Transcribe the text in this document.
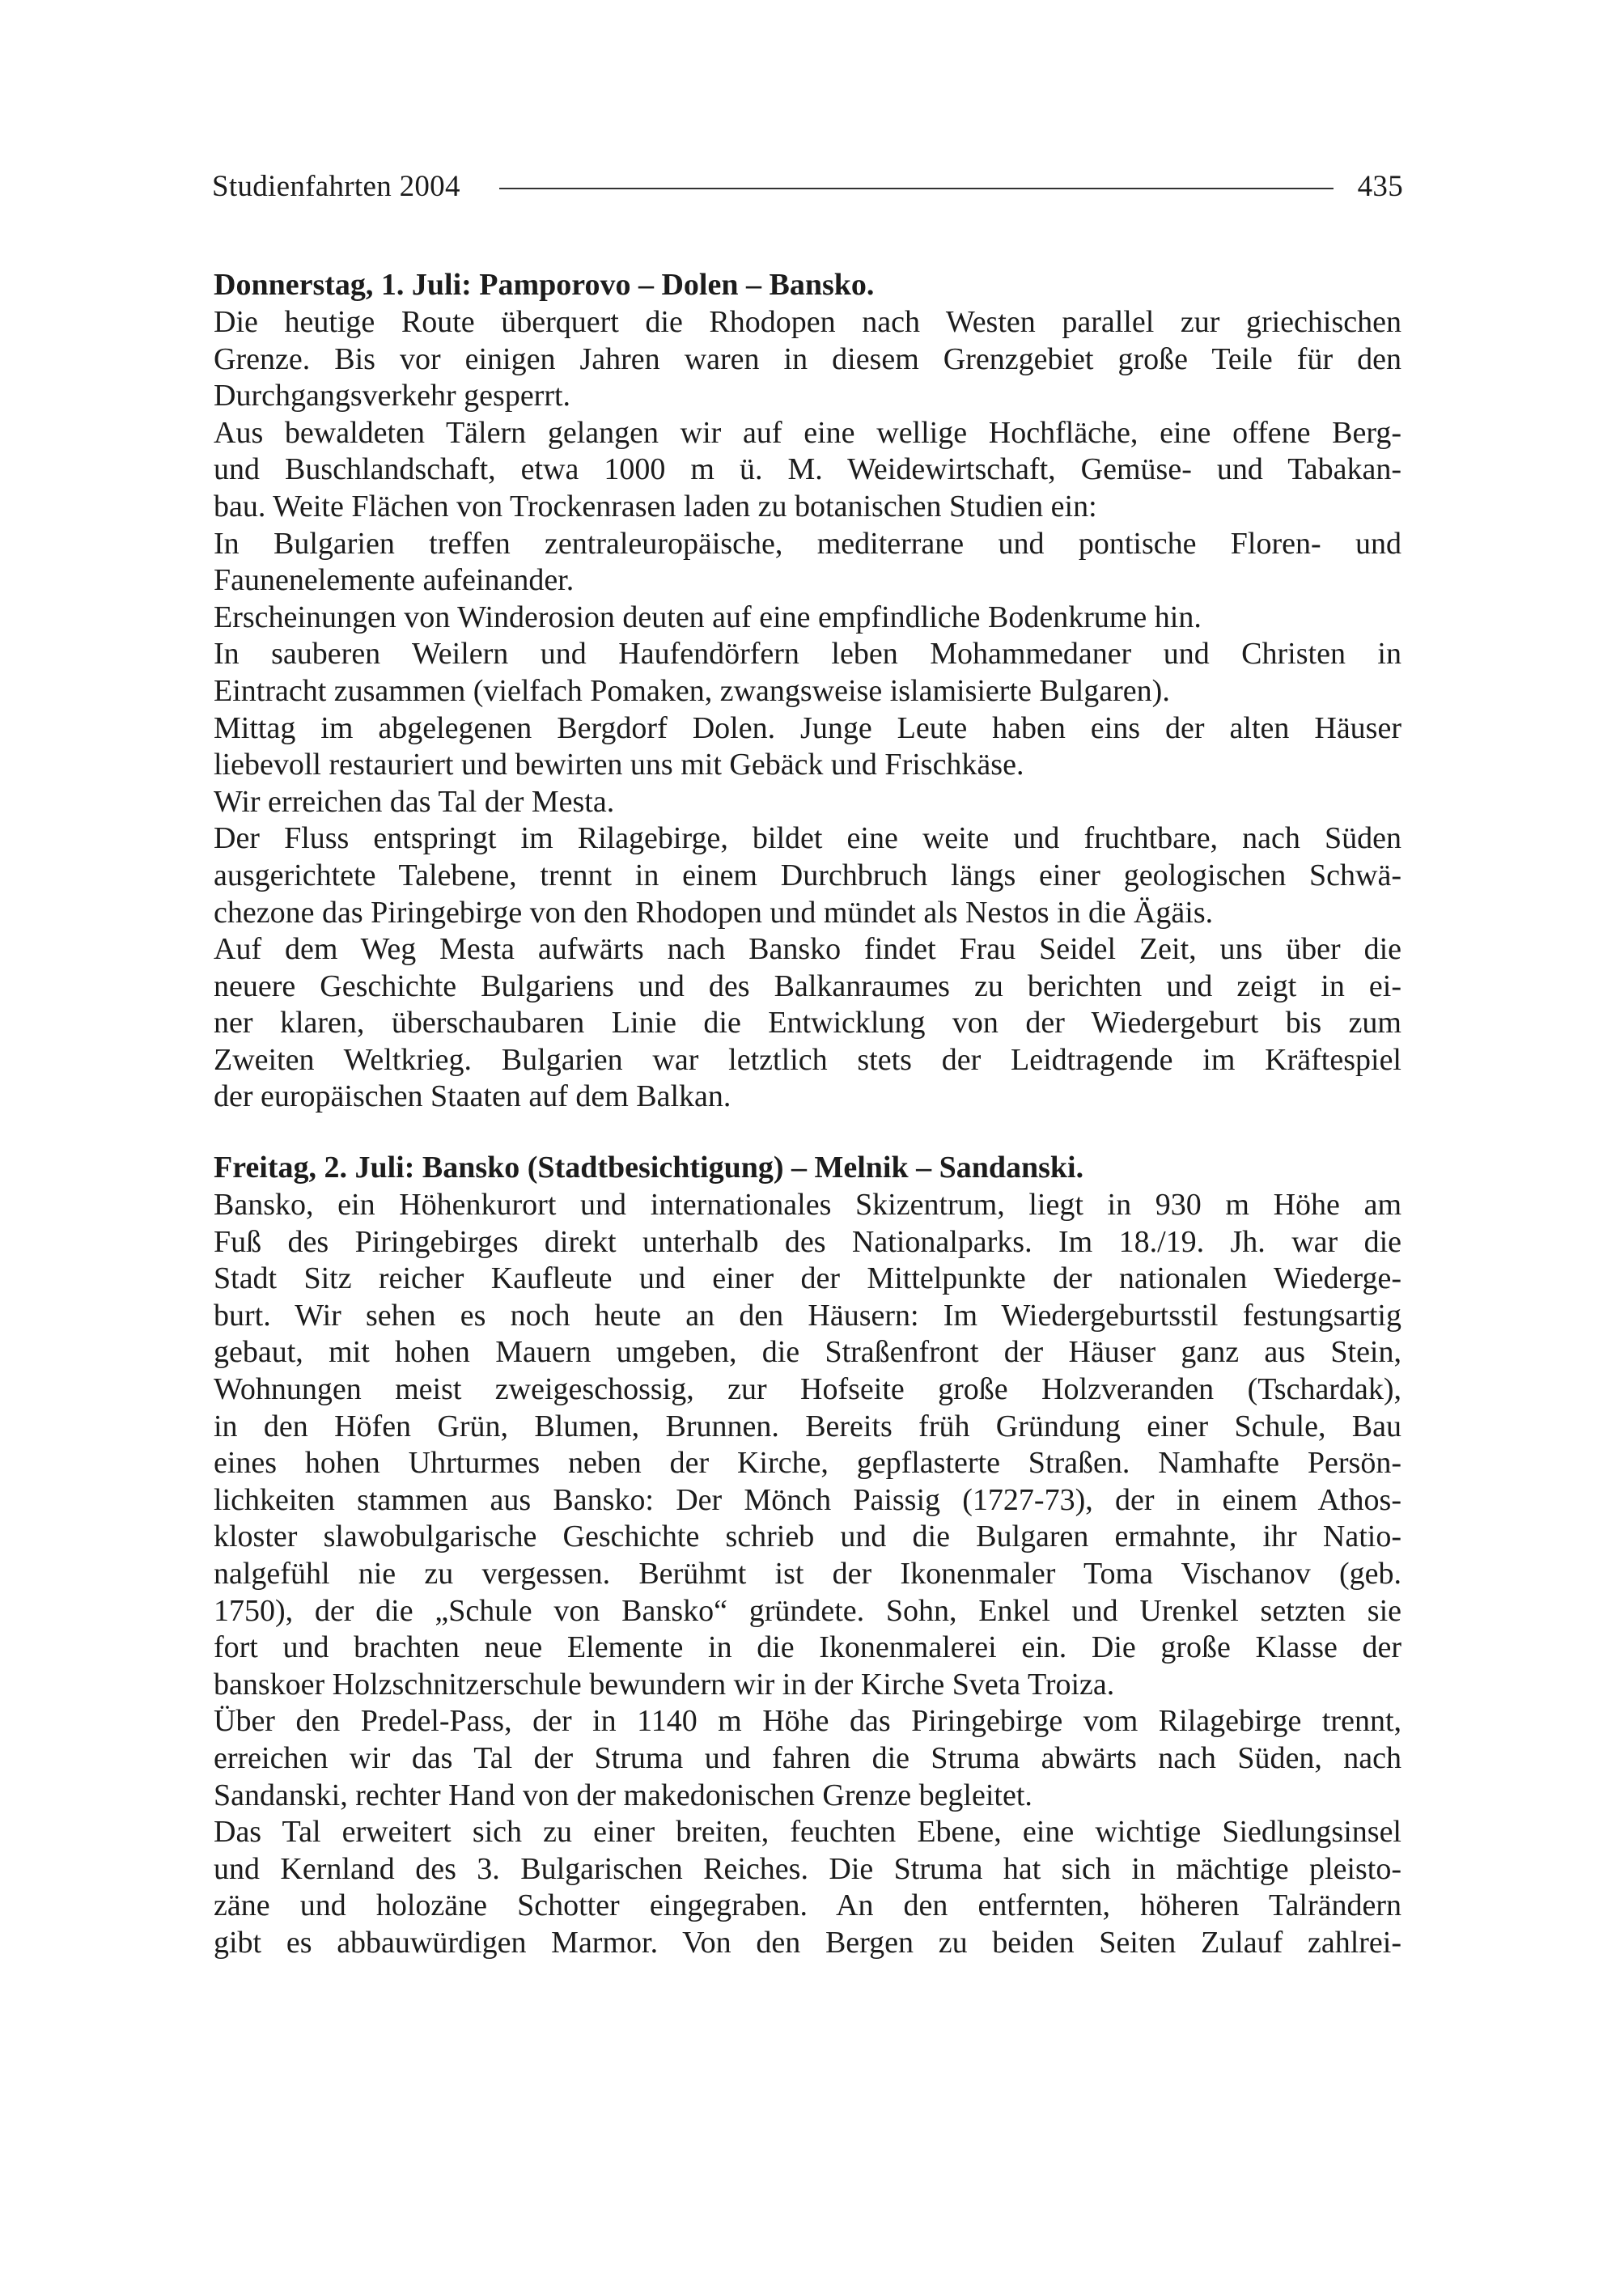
Studienfahrten 2004	435
Donnerstag, 1. Juli: Pamporovo – Dolen – Bansko.
Die heutige Route überquert die Rhodopen nach Westen parallel zur griechischen
Grenze. Bis vor einigen Jahren waren in diesem Grenzgebiet große Teile für den
Durchgangsverkehr gesperrt.
Aus bewaldeten Tälern gelangen wir auf eine wellige Hochfläche, eine offene Berg-
und Buschlandschaft, etwa 1000 m ü. M. Weidewirtschaft, Gemüse- und Tabakan-
bau. Weite Flächen von Trockenrasen laden zu botanischen Studien ein:
In Bulgarien treffen zentraleuropäische, mediterrane und pontische Floren- und
Faunenelemente aufeinander.
Erscheinungen von Winderosion deuten auf eine empfindliche Bodenkrume hin.
In sauberen Weilern und Haufendörfern leben Mohammedaner und Christen in
Eintracht zusammen (vielfach Pomaken, zwangsweise islamisierte Bulgaren).
Mittag im abgelegenen Bergdorf Dolen. Junge Leute haben eins der alten Häuser
liebevoll restauriert und bewirten uns mit Gebäck und Frischkäse.
Wir erreichen das Tal der Mesta.
Der Fluss entspringt im Rilagebirge, bildet eine weite und fruchtbare, nach Süden
ausgerichtete Talebene, trennt in einem Durchbruch längs einer geologischen Schwä-
chezone das Piringebirge von den Rhodopen und mündet als Nestos in die Ägäis.
Auf dem Weg Mesta aufwärts nach Bansko findet Frau Seidel Zeit, uns über die
neuere Geschichte Bulgariens und des Balkanraumes zu berichten und zeigt in ei-
ner klaren, überschaubaren Linie die Entwicklung von der Wiedergeburt bis zum
Zweiten Weltkrieg. Bulgarien war letztlich stets der Leidtragende im Kräftespiel
der europäischen Staaten auf dem Balkan.
Freitag, 2. Juli: Bansko (Stadtbesichtigung) – Melnik – Sandanski.
Bansko, ein Höhenkurort und internationales Skizentrum, liegt in 930 m Höhe am
Fuß des Piringebirges direkt unterhalb des Nationalparks. Im 18./19. Jh. war die
Stadt Sitz reicher Kaufleute und einer der Mittelpunkte der nationalen Wiederge-
burt. Wir sehen es noch heute an den Häusern: Im Wiedergeburtsstil festungsartig
gebaut, mit hohen Mauern umgeben, die Straßenfront der Häuser ganz aus Stein,
Wohnungen meist zweigeschossig, zur Hofseite große Holzveranden (Tschardak),
in den Höfen Grün, Blumen, Brunnen. Bereits früh Gründung einer Schule, Bau
eines hohen Uhrturmes neben der Kirche, gepflasterte Straßen. Namhafte Persön-
lichkeiten stammen aus Bansko: Der Mönch Paissig (1727-73), der in einem Athos-
kloster slawobulgarische Geschichte schrieb und die Bulgaren ermahnte, ihr Natio-
nalgefühl nie zu vergessen. Berühmt ist der Ikonenmaler Toma Vischanov (geb.
1750), der die „Schule von Bansko“ gründete. Sohn, Enkel und Urenkel setzten sie
fort und brachten neue Elemente in die Ikonenmalerei ein. Die große Klasse der
banskoer Holzschnitzerschule bewundern wir in der Kirche Sveta Troiza.
Über den Predel-Pass, der in 1140 m Höhe das Piringebirge vom Rilagebirge trennt,
erreichen wir das Tal der Struma und fahren die Struma abwärts nach Süden, nach
Sandanski, rechter Hand von der makedonischen Grenze begleitet.
Das Tal erweitert sich zu einer breiten, feuchten Ebene, eine wichtige Siedlungsinsel
und Kernland des 3. Bulgarischen Reiches. Die Struma hat sich in mächtige pleisto-
zäne und holozäne Schotter eingegraben. An den entfernten, höheren Talrändern
gibt es abbauwürdigen Marmor. Von den Bergen zu beiden Seiten Zulauf zahlrei-
